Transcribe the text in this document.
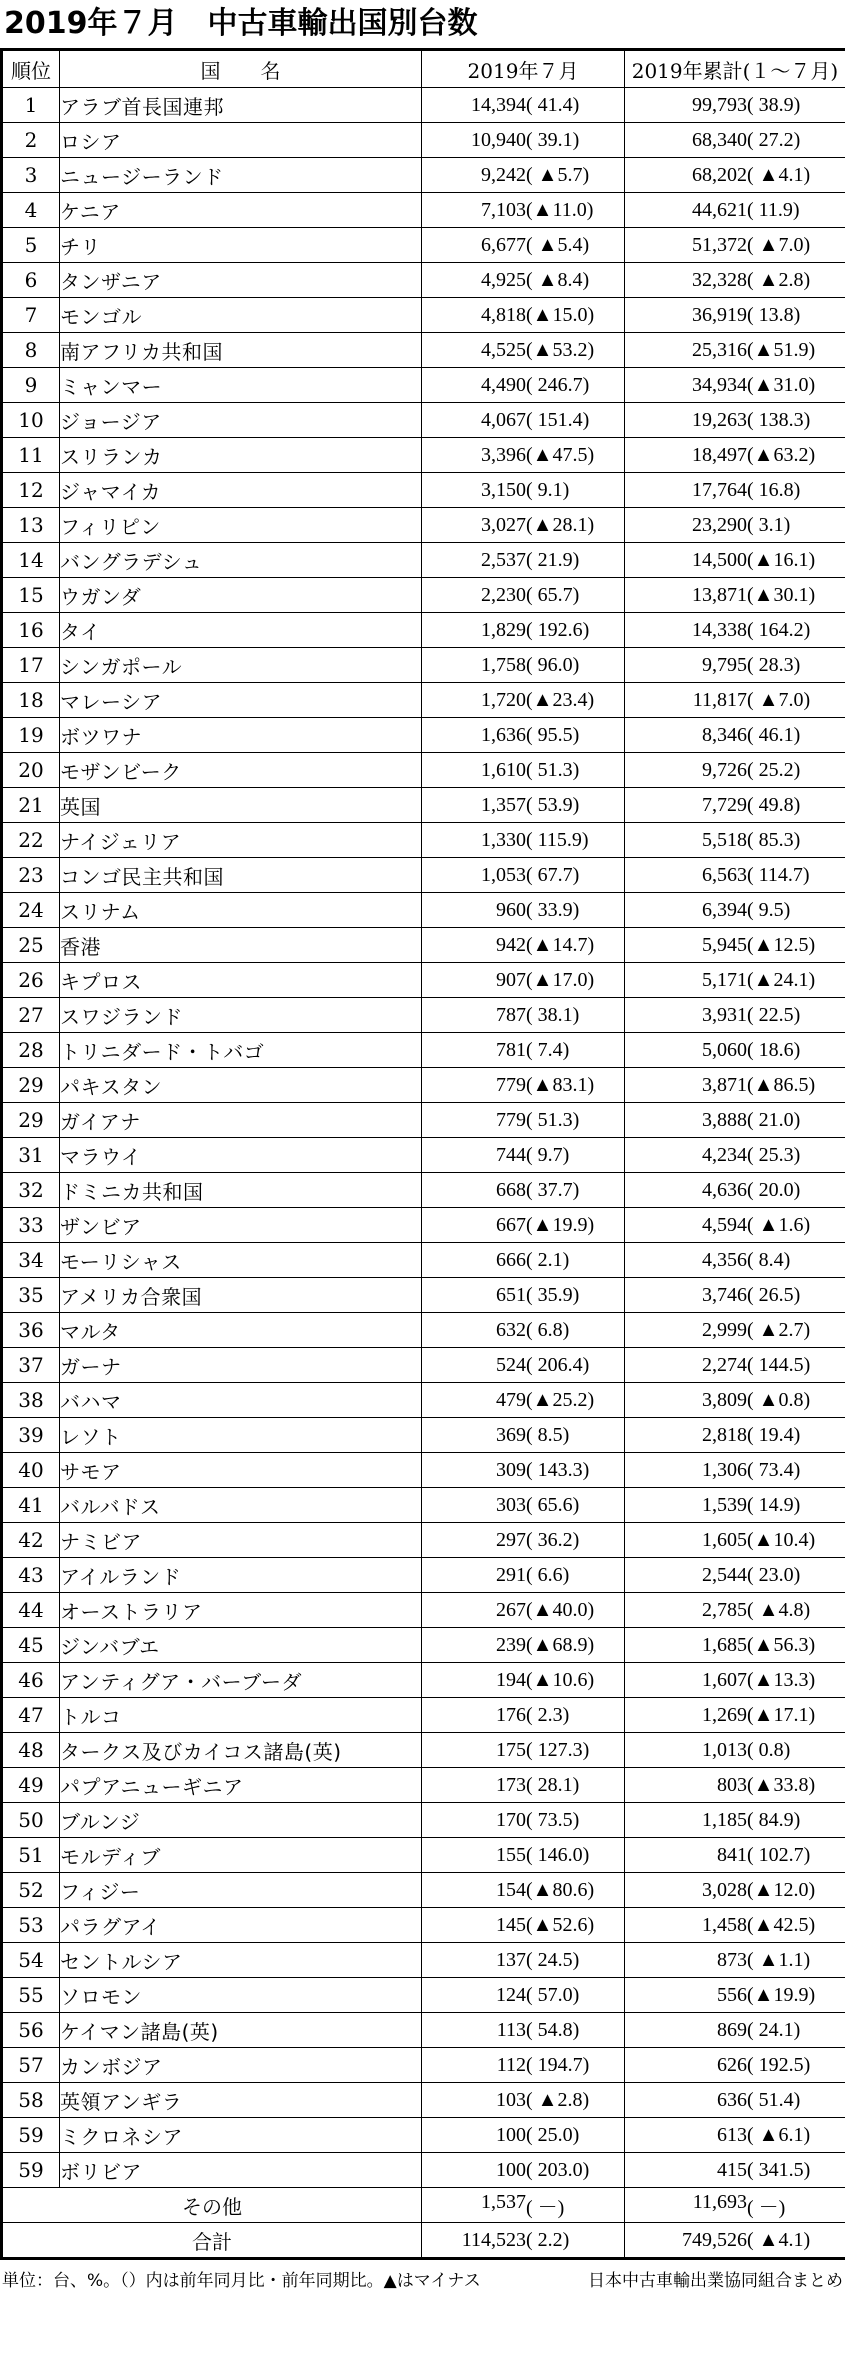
2019年７月　中古車輸出国別台数
順位	国　　名	2019年７月	2019年累計(１～７月)
1	アラブ首長国連邦	14,394 ( 41.4)	99,793 ( 38.9)

2	ロシア	10,940 ( 39.1)	68,340 ( 27.2)

3	ニュージーランド	9,242 ( ▲5.7)	68,202 ( ▲4.1)

4	ケニア	7,103 (▲11.0)	44,621 ( 11.9)

5	チリ	6,677 ( ▲5.4)	51,372 ( ▲7.0)

6	タンザニア	4,925 ( ▲8.4)	32,328 ( ▲2.8)

7	モンゴル	4,818 (▲15.0)	36,919 ( 13.8)

8	南アフリカ共和国	4,525 (▲53.2)	25,316 (▲51.9)

9	ミャンマー	4,490 ( 246.7)	34,934 (▲31.0)

10	ジョージア	4,067 ( 151.4)	19,263 ( 138.3)

11	スリランカ	3,396 (▲47.5)	18,497 (▲63.2)

12	ジャマイカ	3,150 ( 9.1)	17,764 ( 16.8)

13	フィリピン	3,027 (▲28.1)	23,290 ( 3.1)

14	バングラデシュ	2,537 ( 21.9)	14,500 (▲16.1)

15	ウガンダ	2,230 ( 65.7)	13,871 (▲30.1)

16	タイ	1,829 ( 192.6)	14,338 ( 164.2)

17	シンガポール	1,758 ( 96.0)	9,795 ( 28.3)

18	マレーシア	1,720 (▲23.4)	11,817 ( ▲7.0)

19	ボツワナ	1,636 ( 95.5)	8,346 ( 46.1)

20	モザンビーク	1,610 ( 51.3)	9,726 ( 25.2)

21	英国	1,357 ( 53.9)	7,729 ( 49.8)

22	ナイジェリア	1,330 ( 115.9)	5,518 ( 85.3)

23	コンゴ民主共和国	1,053 ( 67.7)	6,563 ( 114.7)

24	スリナム	960 ( 33.9)	6,394 ( 9.5)

25	香港	942 (▲14.7)	5,945 (▲12.5)

26	キプロス	907 (▲17.0)	5,171 (▲24.1)

27	スワジランド	787 ( 38.1)	3,931 ( 22.5)

28	トリニダード・トバゴ	781 ( 7.4)	5,060 ( 18.6)

29	パキスタン	779 (▲83.1)	3,871 (▲86.5)

29	ガイアナ	779 ( 51.3)	3,888 ( 21.0)

31	マラウイ	744 ( 9.7)	4,234 ( 25.3)

32	ドミニカ共和国	668 ( 37.7)	4,636 ( 20.0)

33	ザンビア	667 (▲19.9)	4,594 ( ▲1.6)

34	モーリシャス	666 ( 2.1)	4,356 ( 8.4)

35	アメリカ合衆国	651 ( 35.9)	3,746 ( 26.5)

36	マルタ	632 ( 6.8)	2,999 ( ▲2.7)

37	ガーナ	524 ( 206.4)	2,274 ( 144.5)

38	バハマ	479 (▲25.2)	3,809 ( ▲0.8)

39	レソト	369 ( 8.5)	2,818 ( 19.4)

40	サモア	309 ( 143.3)	1,306 ( 73.4)

41	バルバドス	303 ( 65.6)	1,539 ( 14.9)

42	ナミビア	297 ( 36.2)	1,605 (▲10.4)

43	アイルランド	291 ( 6.6)	2,544 ( 23.0)

44	オーストラリア	267 (▲40.0)	2,785 ( ▲4.8)

45	ジンバブエ	239 (▲68.9)	1,685 (▲56.3)

46	アンティグア・バーブーダ	194 (▲10.6)	1,607 (▲13.3)

47	トルコ	176 ( 2.3)	1,269 (▲17.1)

48	タークス及びカイコス諸島(英)	175 ( 127.3)	1,013 ( 0.8)

49	パプアニューギニア	173 ( 28.1)	803 (▲33.8)

50	ブルンジ	170 ( 73.5)	1,185 ( 84.9)

51	モルディブ	155 ( 146.0)	841 ( 102.7)

52	フィジー	154 (▲80.6)	3,028 (▲12.0)

53	パラグアイ	145 (▲52.6)	1,458 (▲42.5)

54	セントルシア	137 ( 24.5)	873 ( ▲1.1)

55	ソロモン	124 ( 57.0)	556 (▲19.9)

56	ケイマン諸島(英)	113 ( 54.8)	869 ( 24.1)

57	カンボジア	112 ( 194.7)	626 ( 192.5)

58	英領アンギラ	103 ( ▲2.8)	636 ( 51.4)

59	ミクロネシア	100 ( 25.0)	613 ( ▲6.1)

59	ボリビア	100 ( 203.0)	415 ( 341.5)

その他		1,537 ( －)	11,693 ( －)

合計		114,523 ( 2.2)	749,526 ( ▲4.1)
単位：台、%。（）内は前年同月比・前年同期比。▲はマイナス	日本中古車輸出業協同組合まとめ
